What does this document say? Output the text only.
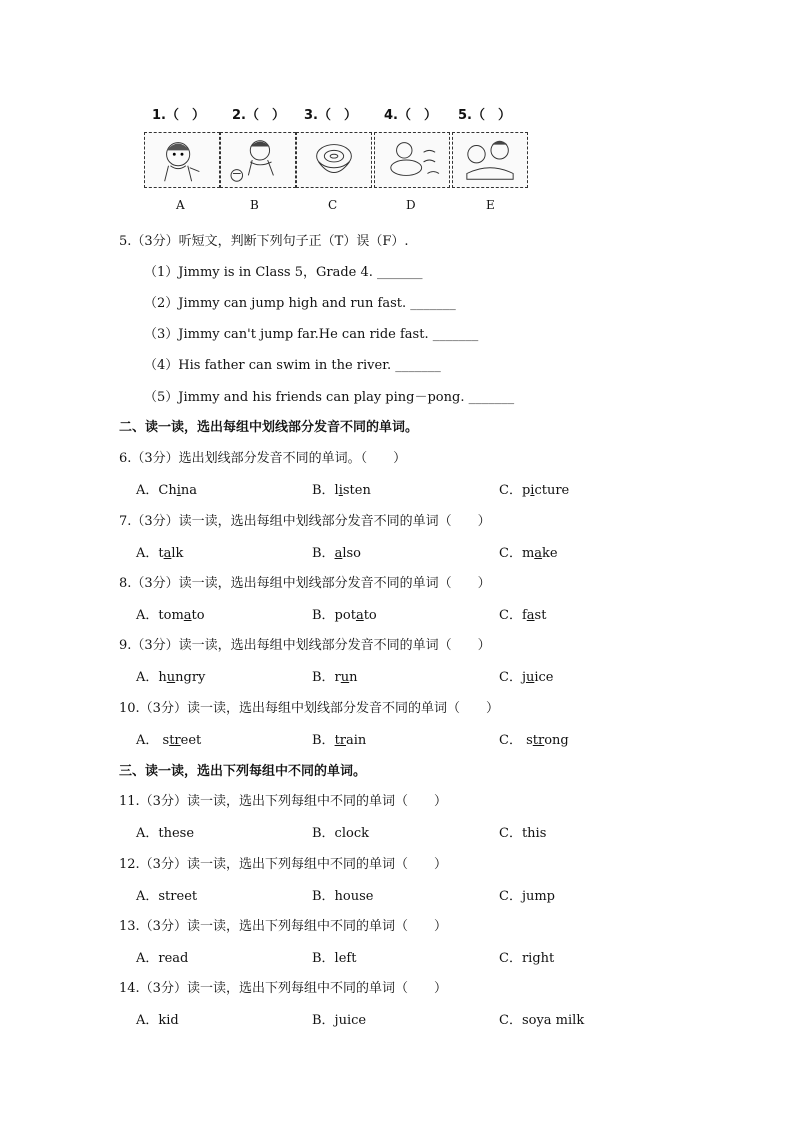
1.（　） 2.（　） 3.（　） 4.（　） 5.（　）
A	B	C	D	E
5.（3分）听短文，判断下列句子正（T）误（F）.
（1）Jimmy is in Class 5，Grade 4. _______
（2）Jimmy can jump high and run fast. _______
（3）Jimmy can't jump far.He can ride fast. _______
（4）His father can swim in the river. _______
（5）Jimmy and his friends can play ping－pong. _______
二、读一读，选出每组中划线部分发音不同的单词。
三、读一读，选出下列每组中不同的单词。
6.（3分）选出划线部分发音不同的单词。（　　）
A．China	B．listen	C．picture
7.（3分）读一读，选出每组中划线部分发音不同的单词（　　）
A．talk	B．also	C．make
8.（3分）读一读，选出每组中划线部分发音不同的单词（　　）
A．tomato	B．potato	C．fast
9.（3分）读一读，选出每组中划线部分发音不同的单词（　　）
A．hungry	B．run	C．juice
10.（3分）读一读，选出每组中划线部分发音不同的单词（　　）
A． street	B．train	C． strong
11.（3分）读一读，选出下列每组中不同的单词（　　）
A．these	B．clock	C．this
12.（3分）读一读，选出下列每组中不同的单词（　　）
A．street	B．house	C．jump
13.（3分）读一读，选出下列每组中不同的单词（　　）
A．read	B．left	C．right
14.（3分）读一读，选出下列每组中不同的单词（　　）
A．kid	B．juice	C．soya milk
